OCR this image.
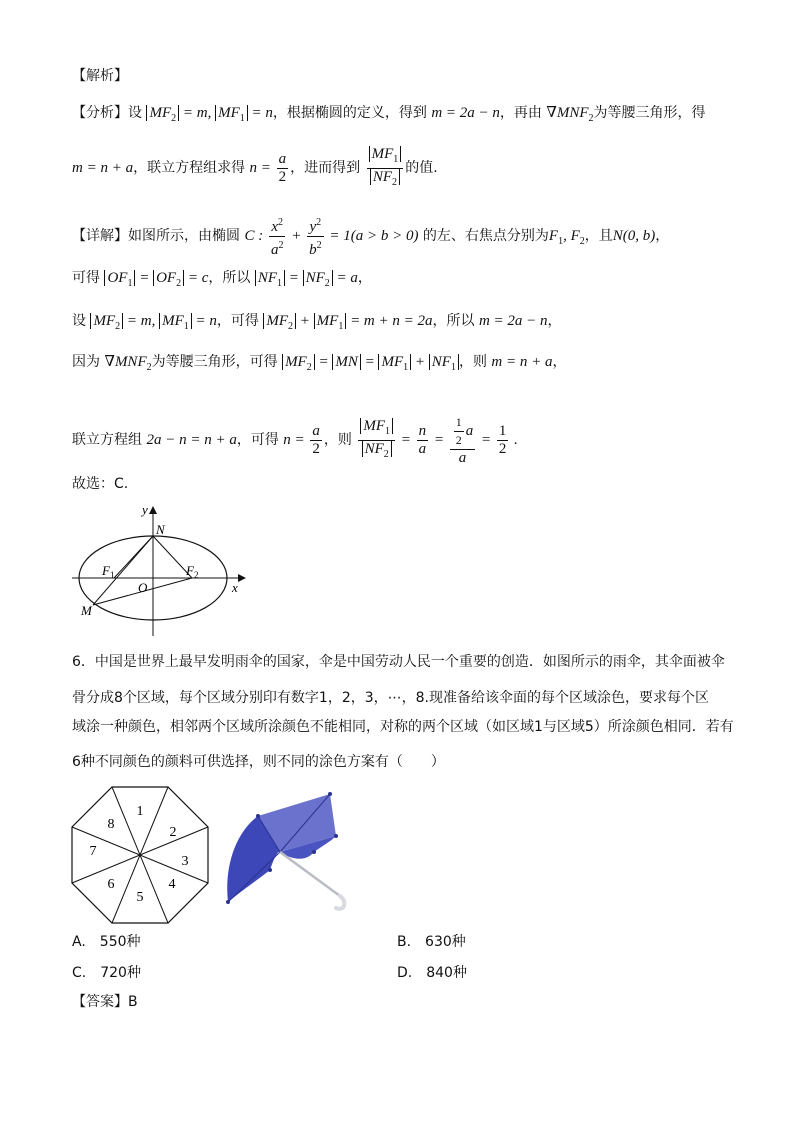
【解析】
【分析】设 $MF_2 = m$, $MF_1 = n$，根据椭圆的定义，得到 m = 2a − n，再由 $\nabla MNF_2$为等腰三角形，得
m = n + a，联立方程组求得 $n = \frac{a}{2}$ ，进而得到 $\frac{MF_1}{NF_2}$ 的值.
【详解】如图所示，由椭圆 C : $\frac{x^2}{a^2} + \frac{y^2}{b^2} = 1(a > b > 0)$ 的左、右焦点分别为$F_1$, $F_2$，且N(0, b)，
可得 $OF_1 = OF_2 = c$，所以 $NF_1 = NF_2 = a$，
设 $MF_2 = m$, $MF_1 = n$，可得 $MF_2 + MF_1 = m + n = 2a$，所以 m = 2a − n，
因为 $\nabla MNF_2$为等腰三角形，可得 $MF_2$ = MN = $MF_1 + NF_1$ ，则 m = n + a，
联立方程组 2a − n = n + a，可得 $n = \frac{a}{2}$ ，则 $\frac{MF_1}{NF_2} = \frac{n}{a} = \frac{\frac{1}{2} a}{a} = \frac{1}{2}$ .
故选：C.
y
N
$F_1$	$F_2$
O	x
M
6．中国是世界上最早发明雨伞的国家，伞是中国劳动人民一个重要的创造．如图所示的雨伞，其伞面被伞
骨分成8个区域，每个区域分别印有数字1，2，3，⋯，8.现准备给该伞面的每个区域涂色，要求每个区
域涂一种颜色，相邻两个区域所涂颜色不能相同，对称的两个区域（如区域1与区域5）所涂颜色相同．若有
6种不同颜色的颜料可供选择，则不同的涂色方案有（　　）
1
2
3
4
5
6
7
8
A.　550种	B.　630种
C.　720种	D.　840种
【答案】B
